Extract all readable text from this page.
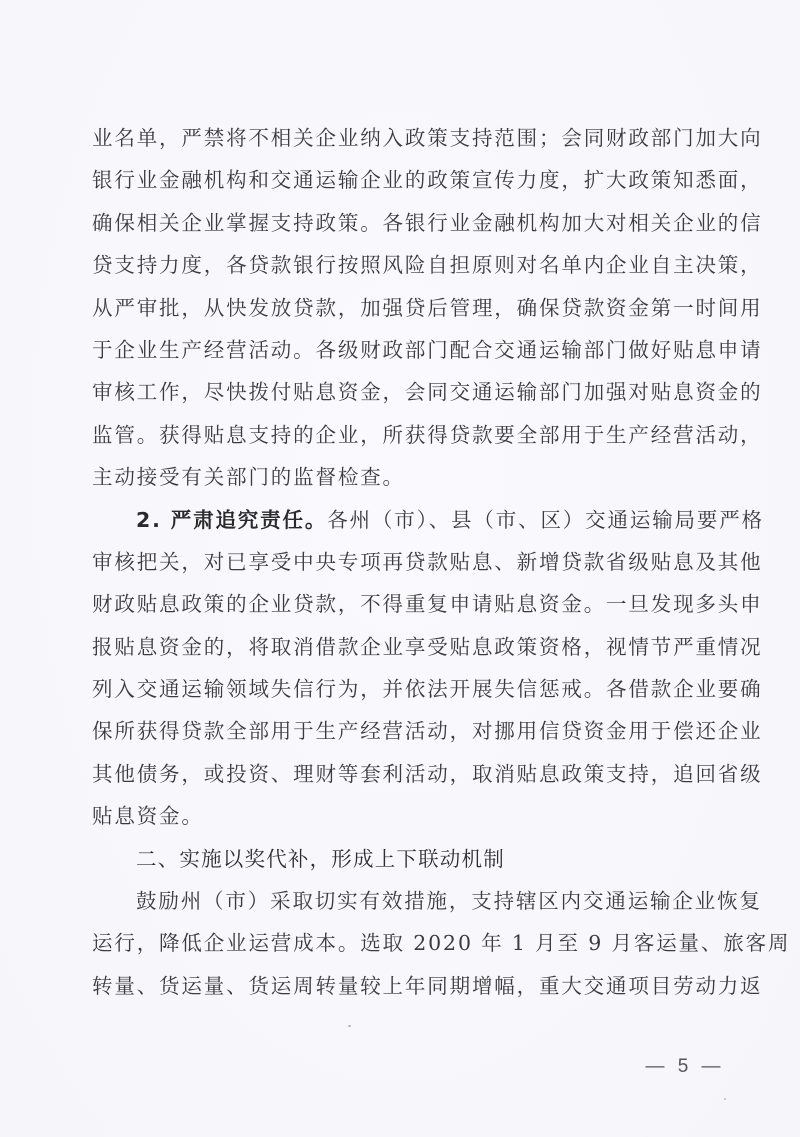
业名单，严禁将不相关企业纳入政策支持范围；会同财政部门加大向
银行业金融机构和交通运输企业的政策宣传力度，扩大政策知悉面，
确保相关企业掌握支持政策。各银行业金融机构加大对相关企业的信
贷支持力度，各贷款银行按照风险自担原则对名单内企业自主决策，
从严审批，从快发放贷款，加强贷后管理，确保贷款资金第一时间用
于企业生产经营活动。各级财政部门配合交通运输部门做好贴息申请
审核工作，尽快拨付贴息资金，会同交通运输部门加强对贴息资金的
监管。获得贴息支持的企业，所获得贷款要全部用于生产经营活动，
主动接受有关部门的监督检查。
2. 严肃追究责任。各州（市）、县（市、区）交通运输局要严格
审核把关，对已享受中央专项再贷款贴息、新增贷款省级贴息及其他
财政贴息政策的企业贷款，不得重复申请贴息资金。一旦发现多头申
报贴息资金的，将取消借款企业享受贴息政策资格，视情节严重情况
列入交通运输领域失信行为，并依法开展失信惩戒。各借款企业要确
保所获得贷款全部用于生产经营活动，对挪用信贷资金用于偿还企业
其他债务，或投资、理财等套利活动，取消贴息政策支持，追回省级
贴息资金。
二、实施以奖代补，形成上下联动机制
鼓励州（市）采取切实有效措施，支持辖区内交通运输企业恢复
运行，降低企业运营成本。选取 2020 年 1 月至 9 月客运量、旅客周
转量、货运量、货运周转量较上年同期增幅，重大交通项目劳动力返
— 5 —
